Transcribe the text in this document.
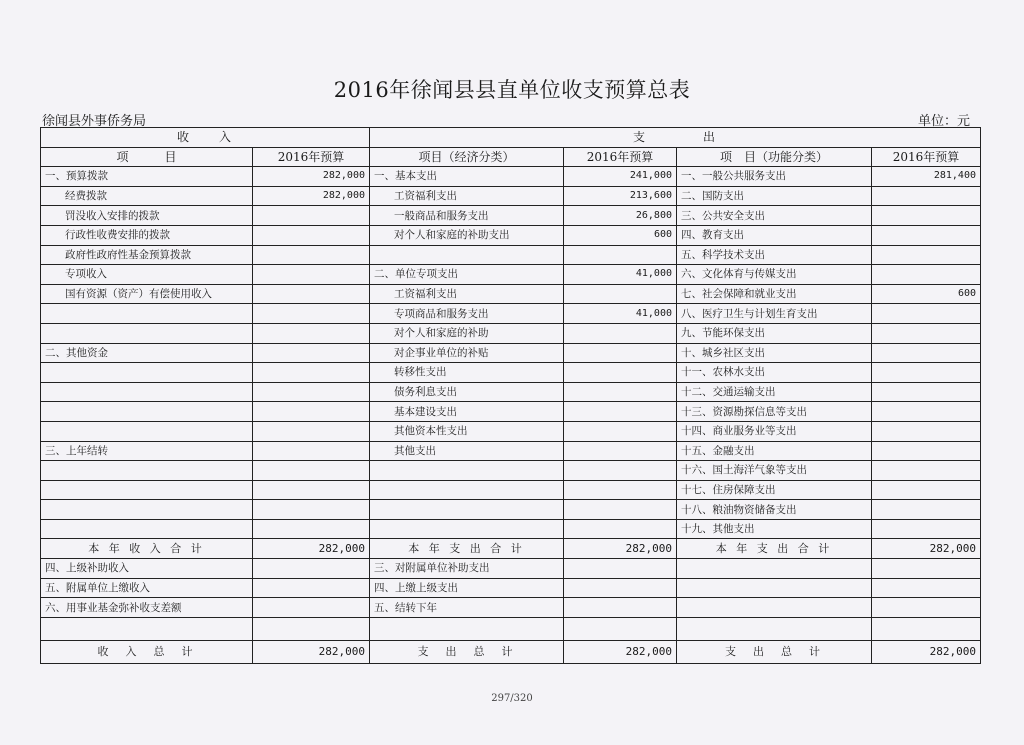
2016年徐闻县县直单位收支预算总表
徐闻县外事侨务局	单位：元
收　　入		支　　　　出			
项　　　目	2016年预算	项目（经济分类）	2016年预算	项　目（功能分类）	2016年预算
一、预算拨款	282,000	一、基本支出	241,000	一、一般公共服务支出	281,400
经费拨款	282,000	工资福利支出	213,600	二、国防支出	
罚没收入安排的拨款		一般商品和服务支出	26,800	三、公共安全支出	
行政性收费安排的拨款		对个人和家庭的补助支出	600	四、教育支出	
政府性政府性基金预算拨款				五、科学技术支出	
专项收入		二、单位专项支出	41,000	六、文化体育与传媒支出	
国有资源（资产）有偿使用收入		工资福利支出		七、社会保障和就业支出	600
		专项商品和服务支出	41,000	八、医疗卫生与计划生育支出	
		对个人和家庭的补助		九、节能环保支出	
二、其他资金		对企事业单位的补贴		十、城乡社区支出	
		转移性支出		十一、农林水支出	
		债务利息支出		十二、交通运输支出	
		基本建设支出		十三、资源勘探信息等支出	
		其他资本性支出		十四、商业服务业等支出	
三、上年结转		其他支出		十五、金融支出	
				十六、国土海洋气象等支出	
				十七、住房保障支出	
				十八、粮油物资储备支出	
				十九、其他支出	
本 年 收 入 合 计	282,000	本 年 支 出 合 计	282,000	本 年 支 出 合 计	282,000
四、上级补助收入		三、对附属单位补助支出			
五、附属单位上缴收入		四、上缴上级支出			
六、用事业基金弥补收支差额		五、结转下年			

收　入　总　计	282,000	支　出　总　计	282,000	支　出　总　计	282,000
297/320
